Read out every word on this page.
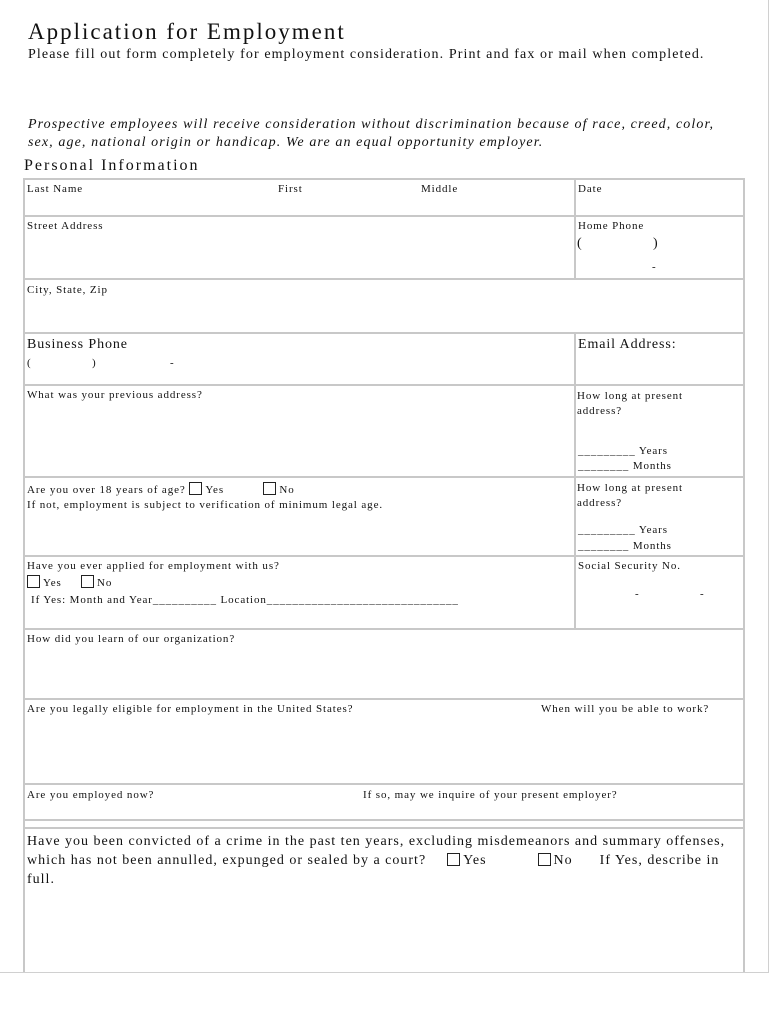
Application for Employment
Please fill out form completely for employment consideration. Print and fax or mail when completed.
Prospective employees will receive consideration without discrimination because of race, creed, color, sex, age, national origin or handicap. We are an equal opportunity employer.
Personal Information
Last Name	First	Middle	Date
Street Address	Home Phone
(	)
-
City, State, Zip
Business Phone
(	)	-
Email Address:
What was your previous address?	How long at present address?
_________ Years
________ Months
Are you over 18 years of age? Yes	No
If not, employment is subject to verification of minimum legal age.
How long at present address?
_________ Years
________ Months
Have you ever applied for employment with us?
Yes	No
If Yes: Month and Year__________ Location______________________________
Social Security No.
-	-
How did you learn of our organization?
Are you legally eligible for employment in the United States?	When will you be able to work?
Are you employed now?	If so, may we inquire of your present employer?
Have you been convicted of a crime in the past ten years, excluding misdemeanors and summary offenses, which has not been annulled, expunged or sealed by a court?	Yes	No If Yes, describe in full.
